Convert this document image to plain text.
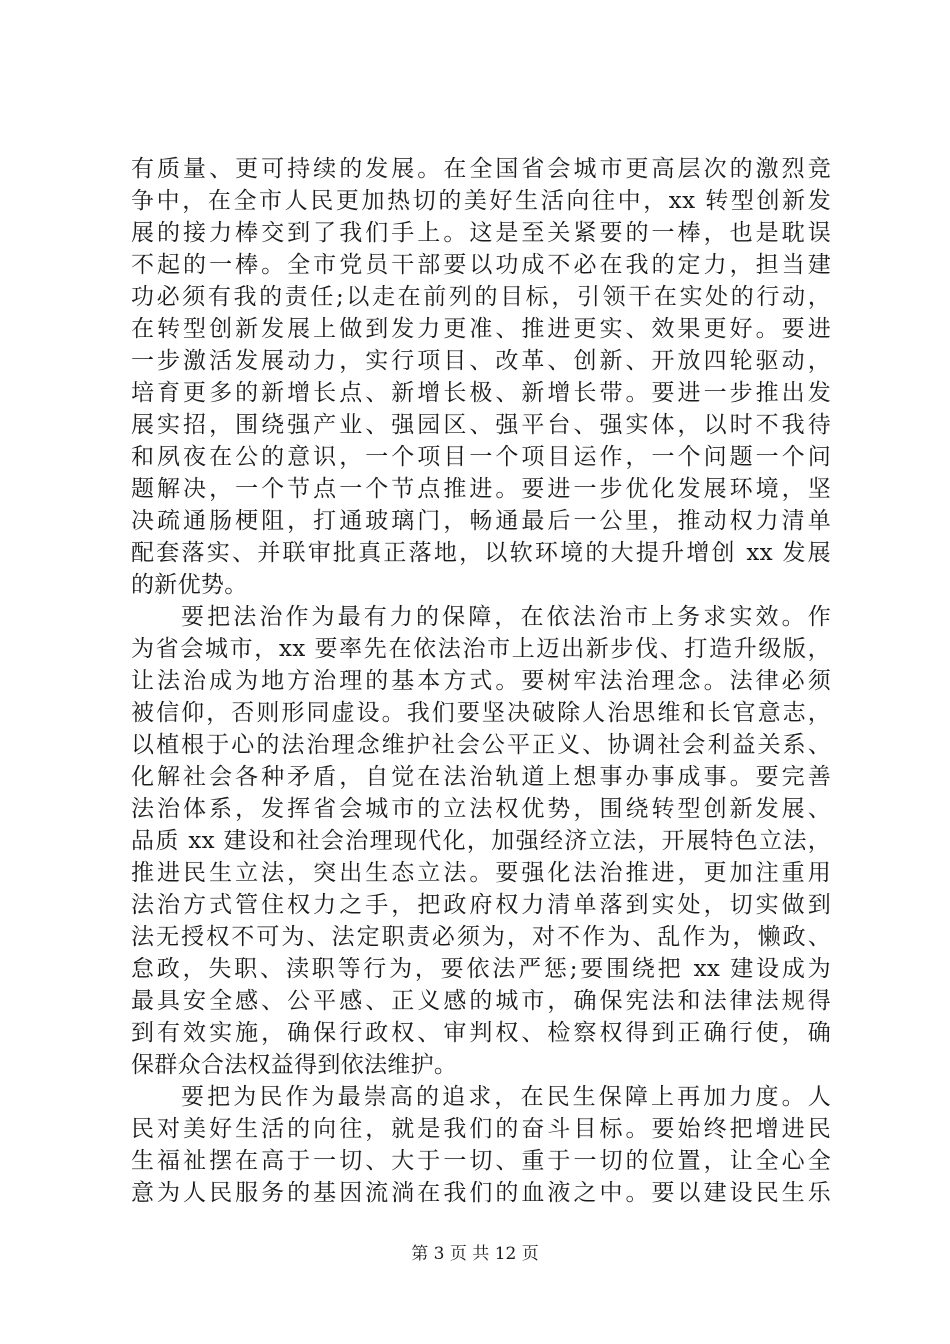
有质量、更可持续的发展。在全国省会城市更高层次的激烈竞
争中，在全市人民更加热切的美好生活向往中，xx 转型创新发
展的接力棒交到了我们手上。这是至关紧要的一棒，也是耽误
不起的一棒。全市党员干部要以功成不必在我的定力，担当建
功必须有我的责任;以走在前列的目标，引领干在实处的行动，
在转型创新发展上做到发力更准、推进更实、效果更好。要进
一步激活发展动力，实行项目、改革、创新、开放四轮驱动，
培育更多的新增长点、新增长极、新增长带。要进一步推出发
展实招，围绕强产业、强园区、强平台、强实体，以时不我待
和夙夜在公的意识，一个项目一个项目运作，一个问题一个问
题解决，一个节点一个节点推进。要进一步优化发展环境，坚
决疏通肠梗阻，打通玻璃门，畅通最后一公里，推动权力清单
配套落实、并联审批真正落地，以软环境的大提升增创 xx 发展
的新优势。
要把法治作为最有力的保障，在依法治市上务求实效。作
为省会城市，xx 要率先在依法治市上迈出新步伐、打造升级版，
让法治成为地方治理的基本方式。要树牢法治理念。法律必须
被信仰，否则形同虚设。我们要坚决破除人治思维和长官意志，
以植根于心的法治理念维护社会公平正义、协调社会利益关系、
化解社会各种矛盾，自觉在法治轨道上想事办事成事。要完善
法治体系，发挥省会城市的立法权优势，围绕转型创新发展、
品质 xx 建设和社会治理现代化，加强经济立法，开展特色立法，
推进民生立法，突出生态立法。要强化法治推进，更加注重用
法治方式管住权力之手，把政府权力清单落到实处，切实做到
法无授权不可为、法定职责必须为，对不作为、乱作为，懒政、
怠政，失职、渎职等行为，要依法严惩;要围绕把 xx 建设成为
最具安全感、公平感、正义感的城市，确保宪法和法律法规得
到有效实施，确保行政权、审判权、检察权得到正确行使，确
保群众合法权益得到依法维护。
要把为民作为最崇高的追求，在民生保障上再加力度。人
民对美好生活的向往，就是我们的奋斗目标。要始终把增进民
生福祉摆在高于一切、大于一切、重于一切的位置，让全心全
意为人民服务的基因流淌在我们的血液之中。要以建设民生乐
第 3 页 共 12 页
